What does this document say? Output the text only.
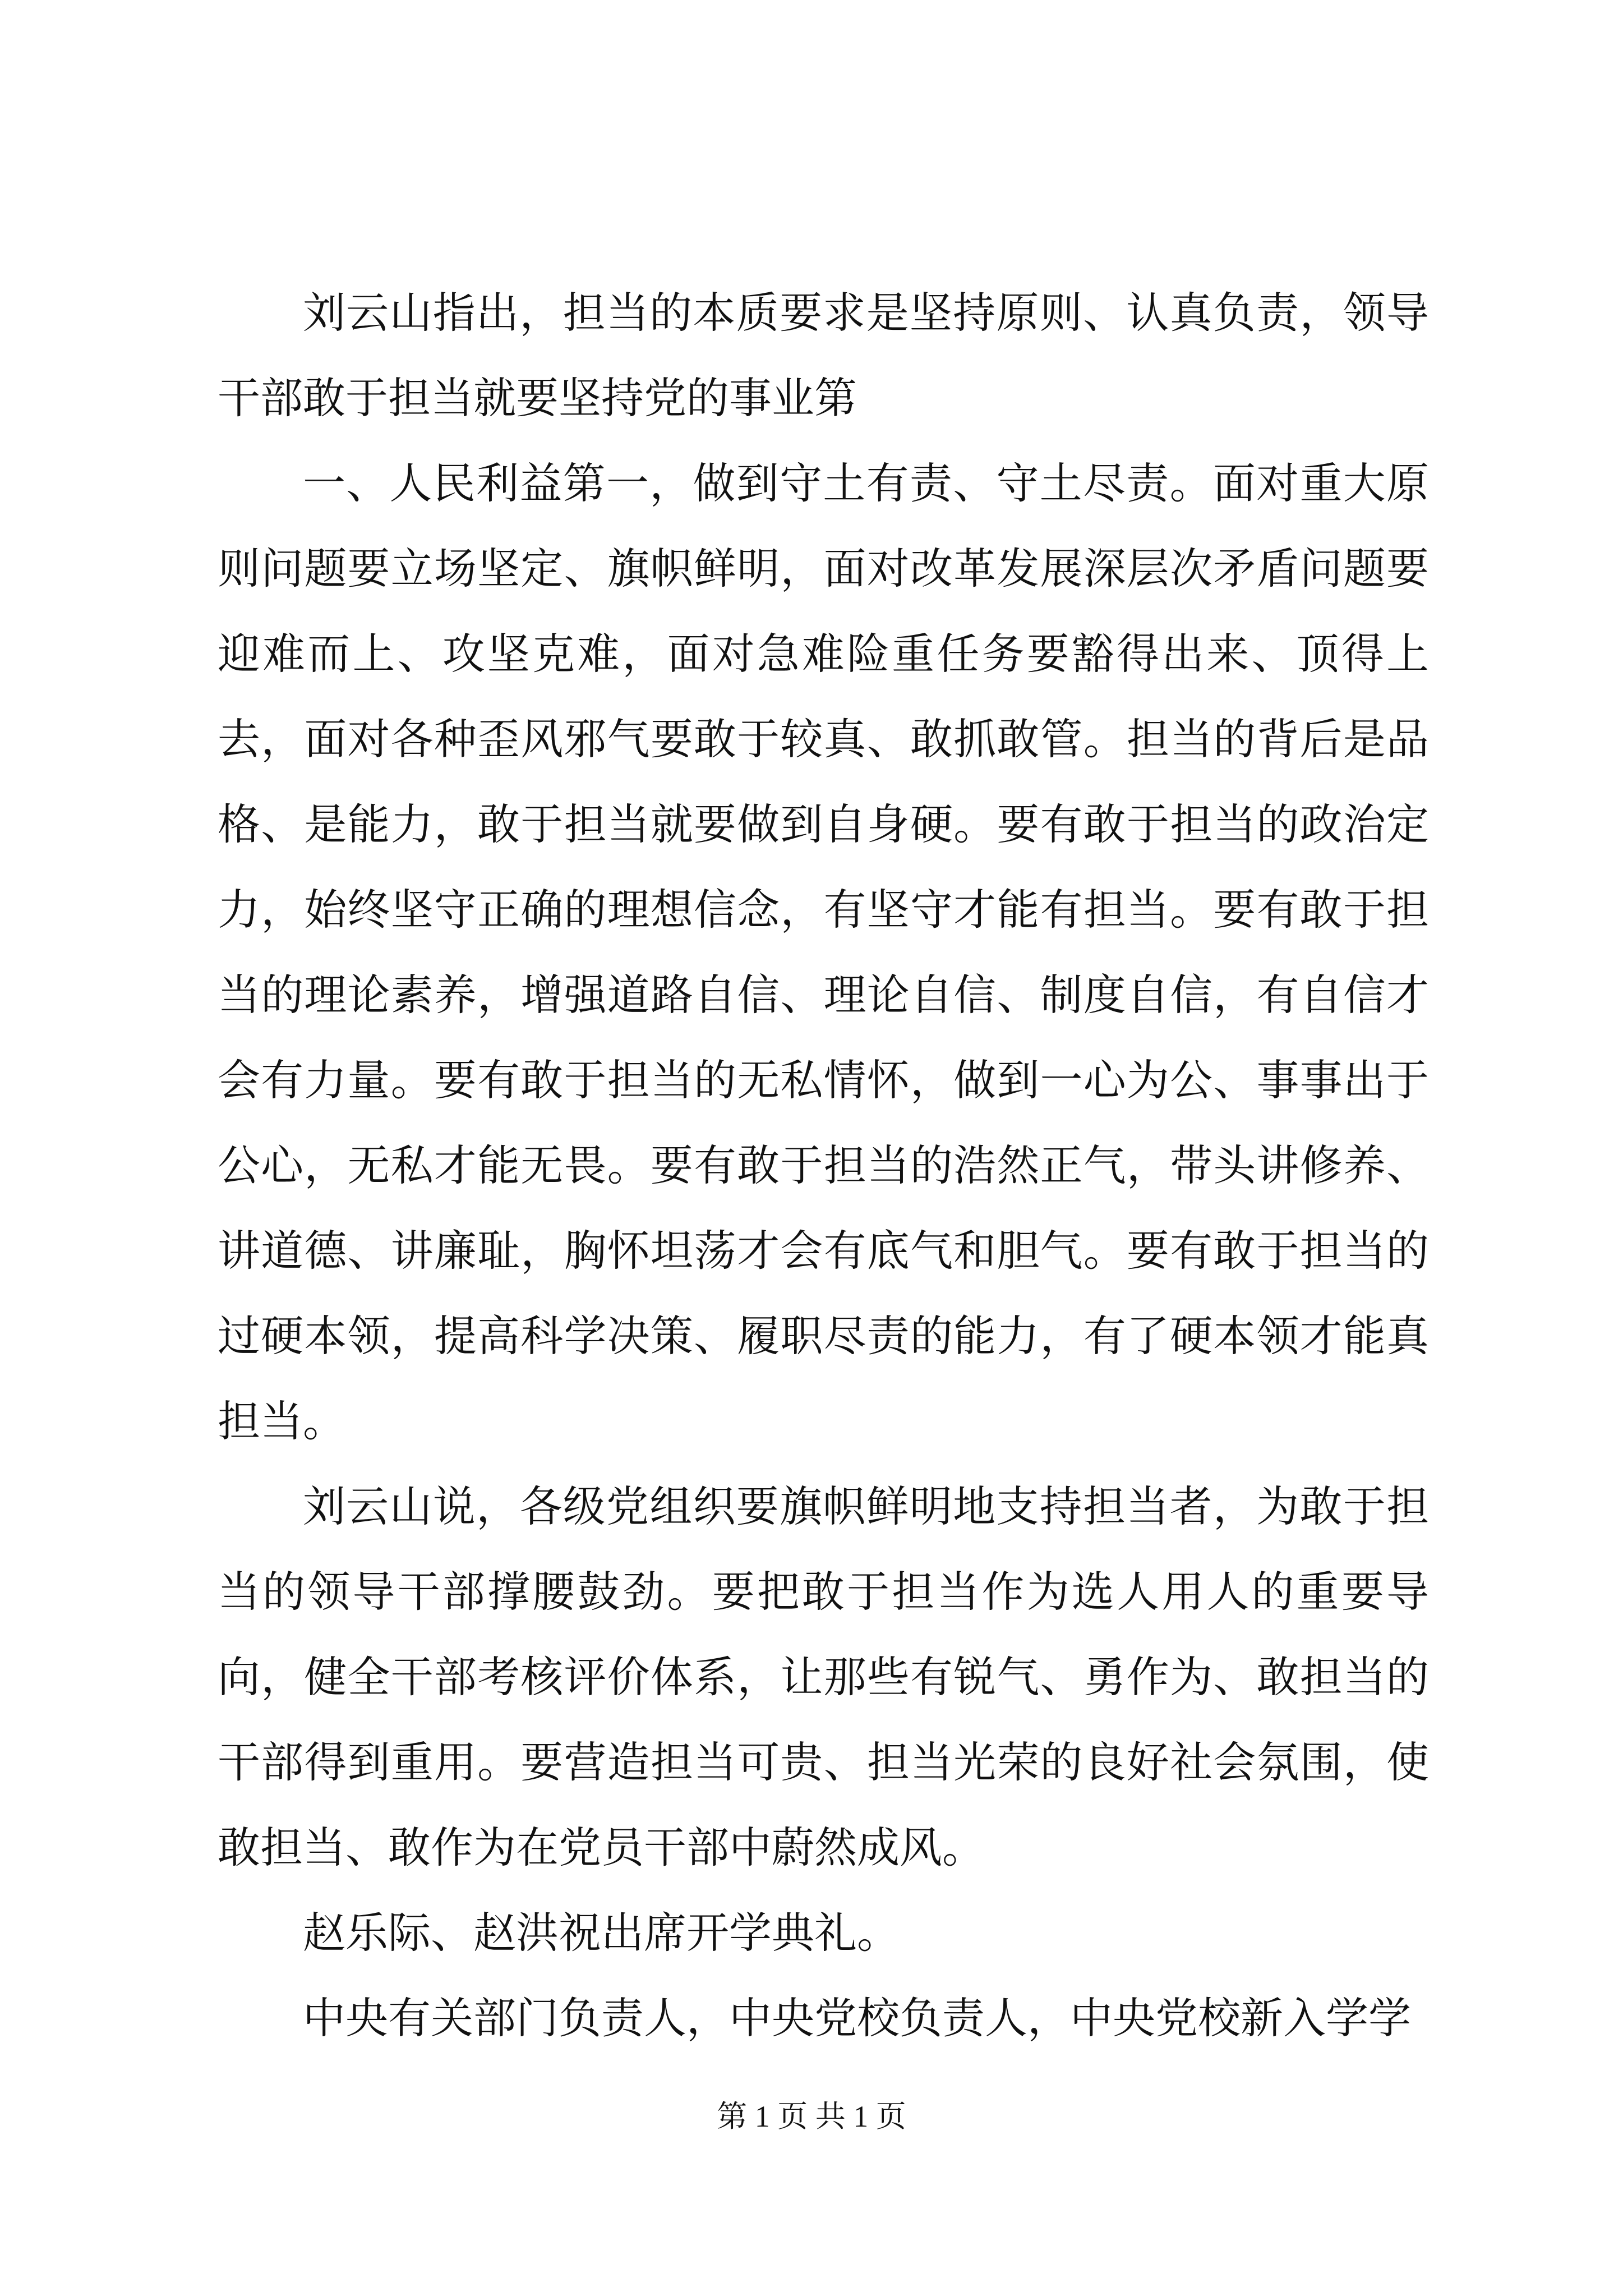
刘云山指出，担当的本质要求是坚持原则、认真负责，领导干部敢于担当就要坚持党的事业第

一、人民利益第一，做到守土有责、守土尽责。面对重大原则问题要立场坚定、旗帜鲜明，面对改革发展深层次矛盾问题要迎难而上、攻坚克难，面对急难险重任务要豁得出来、顶得上去，面对各种歪风邪气要敢于较真、敢抓敢管。担当的背后是品格、是能力，敢于担当就要做到自身硬。要有敢于担当的政治定力，始终坚守正确的理想信念，有坚守才能有担当。要有敢于担当的理论素养，增强道路自信、理论自信、制度自信，有自信才会有力量。要有敢于担当的无私情怀，做到一心为公、事事出于公心，无私才能无畏。要有敢于担当的浩然正气，带头讲修养、讲道德、讲廉耻，胸怀坦荡才会有底气和胆气。要有敢于担当的过硬本领，提高科学决策、履职尽责的能力，有了硬本领才能真担当。

刘云山说，各级党组织要旗帜鲜明地支持担当者，为敢于担当的领导干部撑腰鼓劲。要把敢于担当作为选人用人的重要导向，健全干部考核评价体系，让那些有锐气、勇作为、敢担当的干部得到重用。要营造担当可贵、担当光荣的良好社会氛围，使敢担当、敢作为在党员干部中蔚然成风。

赵乐际、赵洪祝出席开学典礼。

中央有关部门负责人，中央党校负责人，中央党校新入学学

第 1 页 共 1 页
